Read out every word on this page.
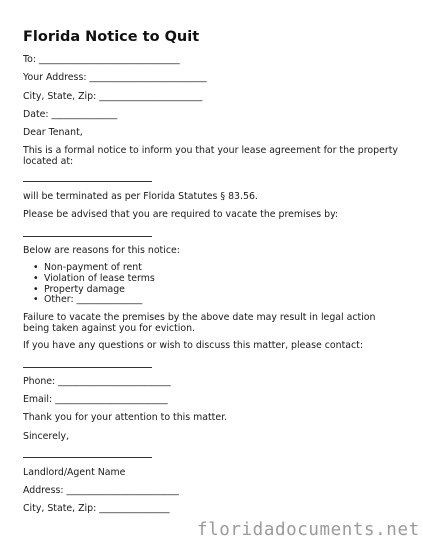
Florida Notice to Quit
To: ______________________________
Your Address: _________________________
City, State, Zip: ______________________
Date: ______________
Dear Tenant,
This is a formal notice to inform you that your lease agreement for the property located at:
will be terminated as per Florida Statutes § 83.56.
Please be advised that you are required to vacate the premises by:
Below are reasons for this notice:
• Non-payment of rent
• Violation of lease terms
• Property damage
• Other: ______________
Failure to vacate the premises by the above date may result in legal action being taken against you for eviction.
If you have any questions or wish to discuss this matter, please contact:
Phone: ________________________
Email: ________________________
Thank you for your attention to this matter.
Sincerely,
Landlord/Agent Name
Address: ________________________
City, State, Zip: _______________
floridadocuments.net
